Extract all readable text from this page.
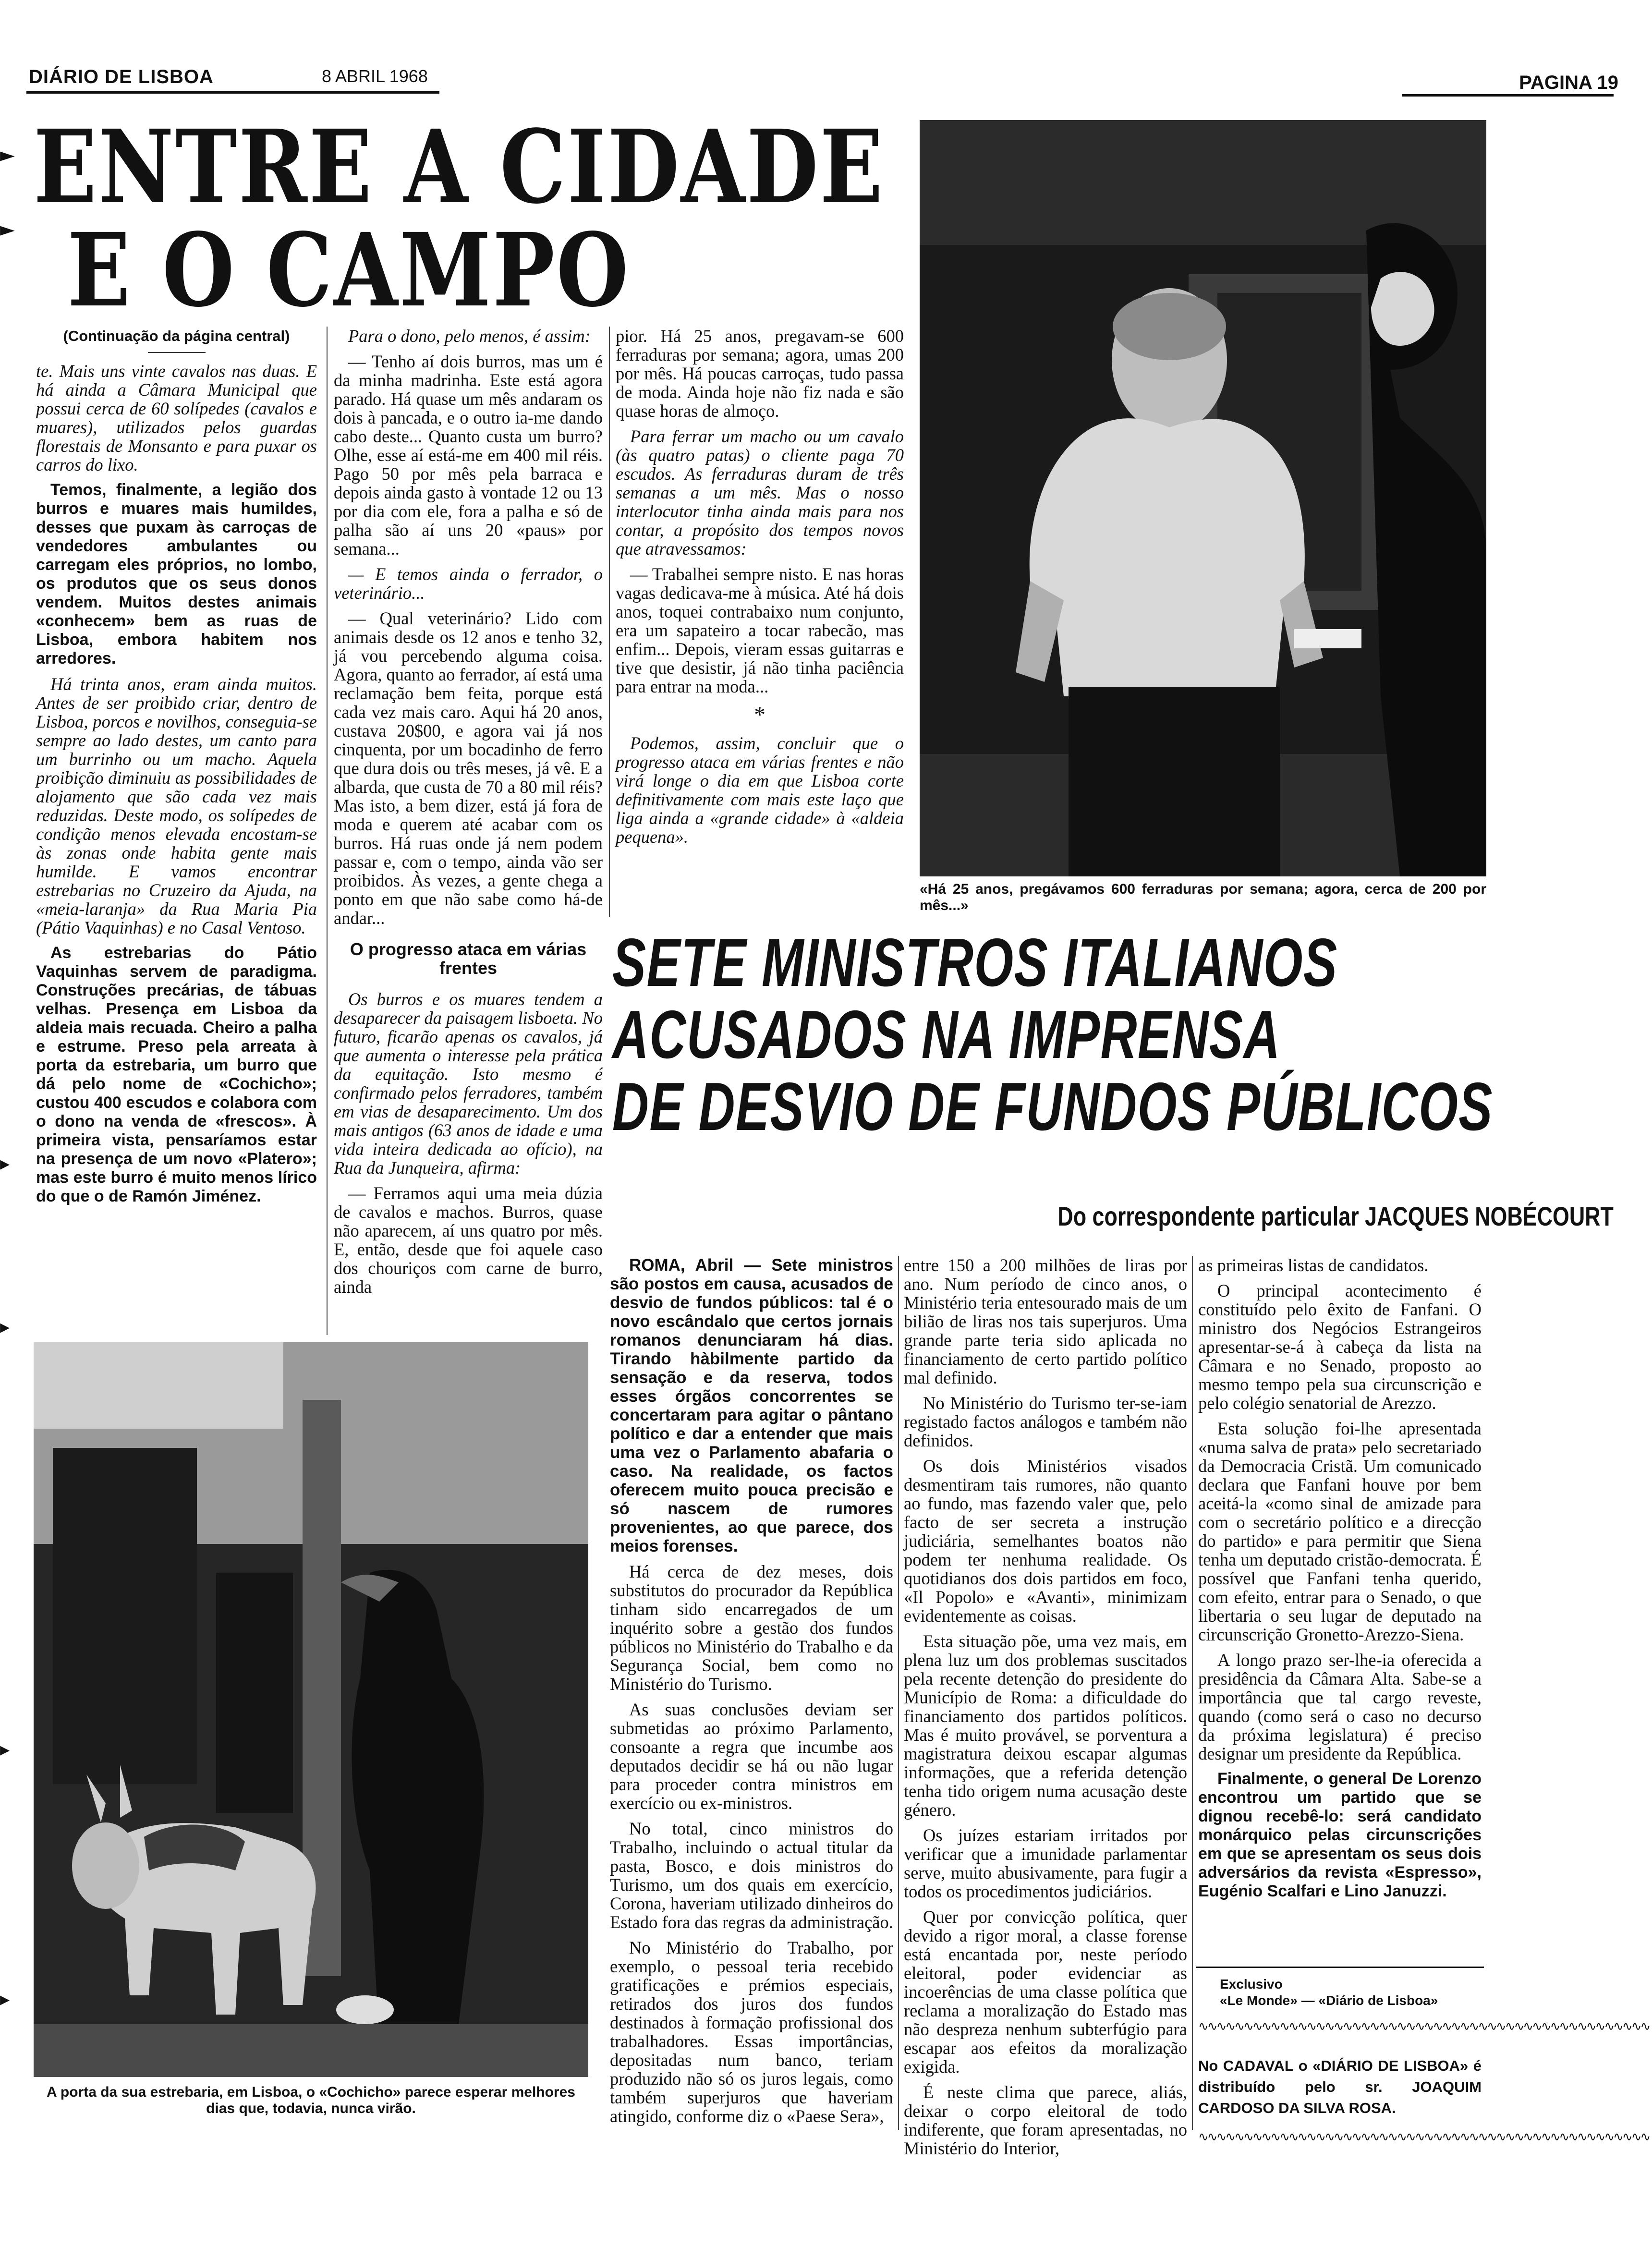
DIÁRIO DE LISBOA	8 ABRIL 1968	PAGINA 19
ENTRE A CIDADE
E O CAMPO
►
►

(Continuação da página central)

te. Mais uns vinte cavalos nas duas. E há ainda a Câmara Municipal que possui cerca de 60 solípedes (cavalos e muares), utilizados pelos guardas florestais de Monsanto e para puxar os carros do lixo.

Temos, finalmente, a legião dos burros e muares mais humildes, desses que puxam às carroças de vendedores ambulantes ou carregam eles próprios, no lombo, os produtos que os seus donos vendem. Muitos destes animais «conhecem» bem as ruas de Lisboa, embora habitem nos arredores.

Há trinta anos, eram ainda muitos. Antes de ser proibido criar, dentro de Lisboa, porcos e novilhos, conseguia-se sempre ao lado destes, um canto para um burrinho ou um macho. Aquela proibição diminuiu as possibilidades de alojamento que são cada vez mais reduzidas. Deste modo, os solípedes de condição menos elevada encostam-se às zonas onde habita gente mais humilde. E vamos encontrar estrebarias no Cruzeiro da Ajuda, na «meia-laranja» da Rua Maria Pia (Pátio Vaquinhas) e no Casal Ventoso.

As estrebarias do Pátio Vaquinhas servem de paradigma. Construções precárias, de tábuas velhas. Presença em Lisboa da aldeia mais recuada. Cheiro a palha e estrume. Preso pela arreata à porta da estrebaria, um burro que dá pelo nome de «Cochicho»; custou 400 escudos e colabora com o dono na venda de «frescos». À primeira vista, pensaríamos estar na presença de um novo «Platero»; mas este burro é muito menos lírico do que o de Ramón Jiménez.

Para o dono, pelo menos, é assim:

— Tenho aí dois burros, mas um é da minha madrinha. Este está agora parado. Há quase um mês andaram os dois à pancada, e o outro ia-me dando cabo deste... Quanto custa um burro? Olhe, esse aí está-me em 400 mil réis. Pago 50 por mês pela barraca e depois ainda gasto à vontade 12 ou 13 por dia com ele, fora a palha e só de palha são aí uns 20 «paus» por semana...

— E temos ainda o ferrador, o veterinário...

— Qual veterinário? Lido com animais desde os 12 anos e tenho 32, já vou percebendo alguma coisa. Agora, quanto ao ferrador, aí está uma reclamação bem feita, porque está cada vez mais caro. Aqui há 20 anos, custava 20$00, e agora vai já nos cinquenta, por um bocadinho de ferro que dura dois ou três meses, já vê. E a albarda, que custa de 70 a 80 mil réis? Mas isto, a bem dizer, está já fora de moda e querem até acabar com os burros. Há ruas onde já nem podem passar e, com o tempo, ainda vão ser proibidos. Às vezes, a gente chega a ponto em que não sabe como há-de andar...

O progresso ataca em várias frentes

Os burros e os muares tendem a desaparecer da paisagem lisboeta. No futuro, ficarão apenas os cavalos, já que aumenta o interesse pela prática da equitação. Isto mesmo é confirmado pelos ferradores, também em vias de desaparecimento. Um dos mais antigos (63 anos de idade e uma vida inteira dedicada ao ofício), na Rua da Junqueira, afirma:

— Ferramos aqui uma meia dúzia de cavalos e machos. Burros, quase não aparecem, aí uns quatro por mês. E, então, desde que foi aquele caso dos chouriços com carne de burro, ainda

pior. Há 25 anos, pregavam-se 600 ferraduras por semana; agora, umas 200 por mês. Há poucas carroças, tudo passa de moda. Ainda hoje não fiz nada e são quase horas de almoço.

Para ferrar um macho ou um cavalo (às quatro patas) o cliente paga 70 escudos. As ferraduras duram de três semanas a um mês. Mas o nosso interlocutor tinha ainda mais para nos contar, a propósito dos tempos novos que atravessamos:

— Trabalhei sempre nisto. E nas horas vagas dedicava-me à música. Até há dois anos, toquei contrabaixo num conjunto, era um sapateiro a tocar rabecão, mas enfim... Depois, vieram essas guitarras e tive que desistir, já não tinha paciência para entrar na moda...

*

Podemos, assim, concluir que o progresso ataca em várias frentes e não virá longe o dia em que Lisboa corte definitivamente com mais este laço que liga ainda a «grande cidade» à «aldeia pequena».

«Há 25 anos, pregávamos 600 ferraduras por semana; agora, cerca de 200 por mês...»
A porta da sua estrebaria, em Lisboa, o «Cochicho» parece esperar melhores dias que, todavia, nunca virão.
SETE MINISTROS ITALIANOS
ACUSADOS NA IMPRENSA
DE DESVIO DE FUNDOS PÚBLICOS
Do correspondente particular JACQUES NOBÉCOURT

ROMA, Abril — Sete ministros são postos em causa, acusados de desvio de fundos públicos: tal é o novo escândalo que certos jornais romanos denunciaram há dias. Tirando hàbilmente partido da sensação e da reserva, todos esses órgãos concorrentes se concertaram para agitar o pântano político e dar a entender que mais uma vez o Parlamento abafaria o caso. Na realidade, os factos oferecem muito pouca precisão e só nascem de rumores provenientes, ao que parece, dos meios forenses.

Há cerca de dez meses, dois substitutos do procurador da República tinham sido encarregados de um inquérito sobre a gestão dos fundos públicos no Ministério do Trabalho e da Segurança Social, bem como no Ministério do Turismo.

As suas conclusões deviam ser submetidas ao próximo Parlamento, consoante a regra que incumbe aos deputados decidir se há ou não lugar para proceder contra ministros em exercício ou ex-ministros.

No total, cinco ministros do Trabalho, incluindo o actual titular da pasta, Bosco, e dois ministros do Turismo, um dos quais em exercício, Corona, haveriam utilizado dinheiros do Estado fora das regras da administração.

No Ministério do Trabalho, por exemplo, o pessoal teria recebido gratificações e prémios especiais, retirados dos juros dos fundos destinados à formação profissional dos trabalhadores. Essas importâncias, depositadas num banco, teriam produzido não só os juros legais, como também superjuros que haveriam atingido, conforme diz o «Paese Sera»,

entre 150 a 200 milhões de liras por ano. Num período de cinco anos, o Ministério teria entesourado mais de um bilião de liras nos tais superjuros. Uma grande parte teria sido aplicada no financiamento de certo partido político mal definido.

No Ministério do Turismo ter-se-iam registado factos análogos e também não definidos.

Os dois Ministérios visados desmentiram tais rumores, não quanto ao fundo, mas fazendo valer que, pelo facto de ser secreta a instrução judiciária, semelhantes boatos não podem ter nenhuma realidade. Os quotidianos dos dois partidos em foco, «Il Popolo» e «Avanti», minimizam evidentemente as coisas.

Esta situação põe, uma vez mais, em plena luz um dos problemas suscitados pela recente detenção do presidente do Município de Roma: a dificuldade do financiamento dos partidos políticos. Mas é muito provável, se porventura a magistratura deixou escapar algumas informações, que a referida detenção tenha tido origem numa acusação deste género.

Os juízes estariam irritados por verificar que a imunidade parlamentar serve, muito abusivamente, para fugir a todos os procedimentos judiciários.

Quer por convicção política, quer devido a rigor moral, a classe forense está encantada por, neste período eleitoral, poder evidenciar as incoerências de uma classe política que reclama a moralização do Estado mas não despreza nenhum subterfúgio para escapar aos efeitos da moralização exigida.

É neste clima que parece, aliás, deixar o corpo eleitoral de todo indiferente, que foram apresentadas, no Ministério do Interior,

as primeiras listas de candidatos.

O principal acontecimento é constituído pelo êxito de Fanfani. O ministro dos Negócios Estrangeiros apresentar-se-á à cabeça da lista na Câmara e no Senado, proposto ao mesmo tempo pela sua circunscrição e pelo colégio senatorial de Arezzo.

Esta solução foi-lhe apresentada «numa salva de prata» pelo secretariado da Democracia Cristã. Um comunicado declara que Fanfani houve por bem aceitá-la «como sinal de amizade para com o secretário político e a direcção do partido» e para permitir que Siena tenha um deputado cristão-democrata. É possível que Fanfani tenha querido, com efeito, entrar para o Senado, o que libertaria o seu lugar de deputado na circunscrição Gronetto-Arezzo-Siena.

A longo prazo ser-lhe-ia oferecida a presidência da Câmara Alta. Sabe-se a importância que tal cargo reveste, quando (como será o caso no decurso da próxima legislatura) é preciso designar um presidente da República.

Finalmente, o general De Lorenzo encontrou um partido que se dignou recebê-lo: será candidato monárquico pelas circunscrições em que se apresentam os seus dois adversários da revista «Espresso», Eugénio Scalfari e Lino Januzzi.

Exclusivo
«Le Monde» — «Diário de Lisboa»
∿∿∿∿∿∿∿∿∿∿∿∿∿∿∿∿∿∿∿∿∿∿∿∿∿∿∿∿∿∿∿∿∿∿∿∿∿∿∿∿∿∿∿∿∿∿∿∿∿∿
No CADAVAL o «DIÁRIO DE LISBOA» é distribuído pelo sr. JOAQUIM CARDOSO DA SILVA ROSA.
∿∿∿∿∿∿∿∿∿∿∿∿∿∿∿∿∿∿∿∿∿∿∿∿∿∿∿∿∿∿∿∿∿∿∿∿∿∿∿∿∿∿∿∿∿∿∿∿∿∿
▸
▸
▸
▸
